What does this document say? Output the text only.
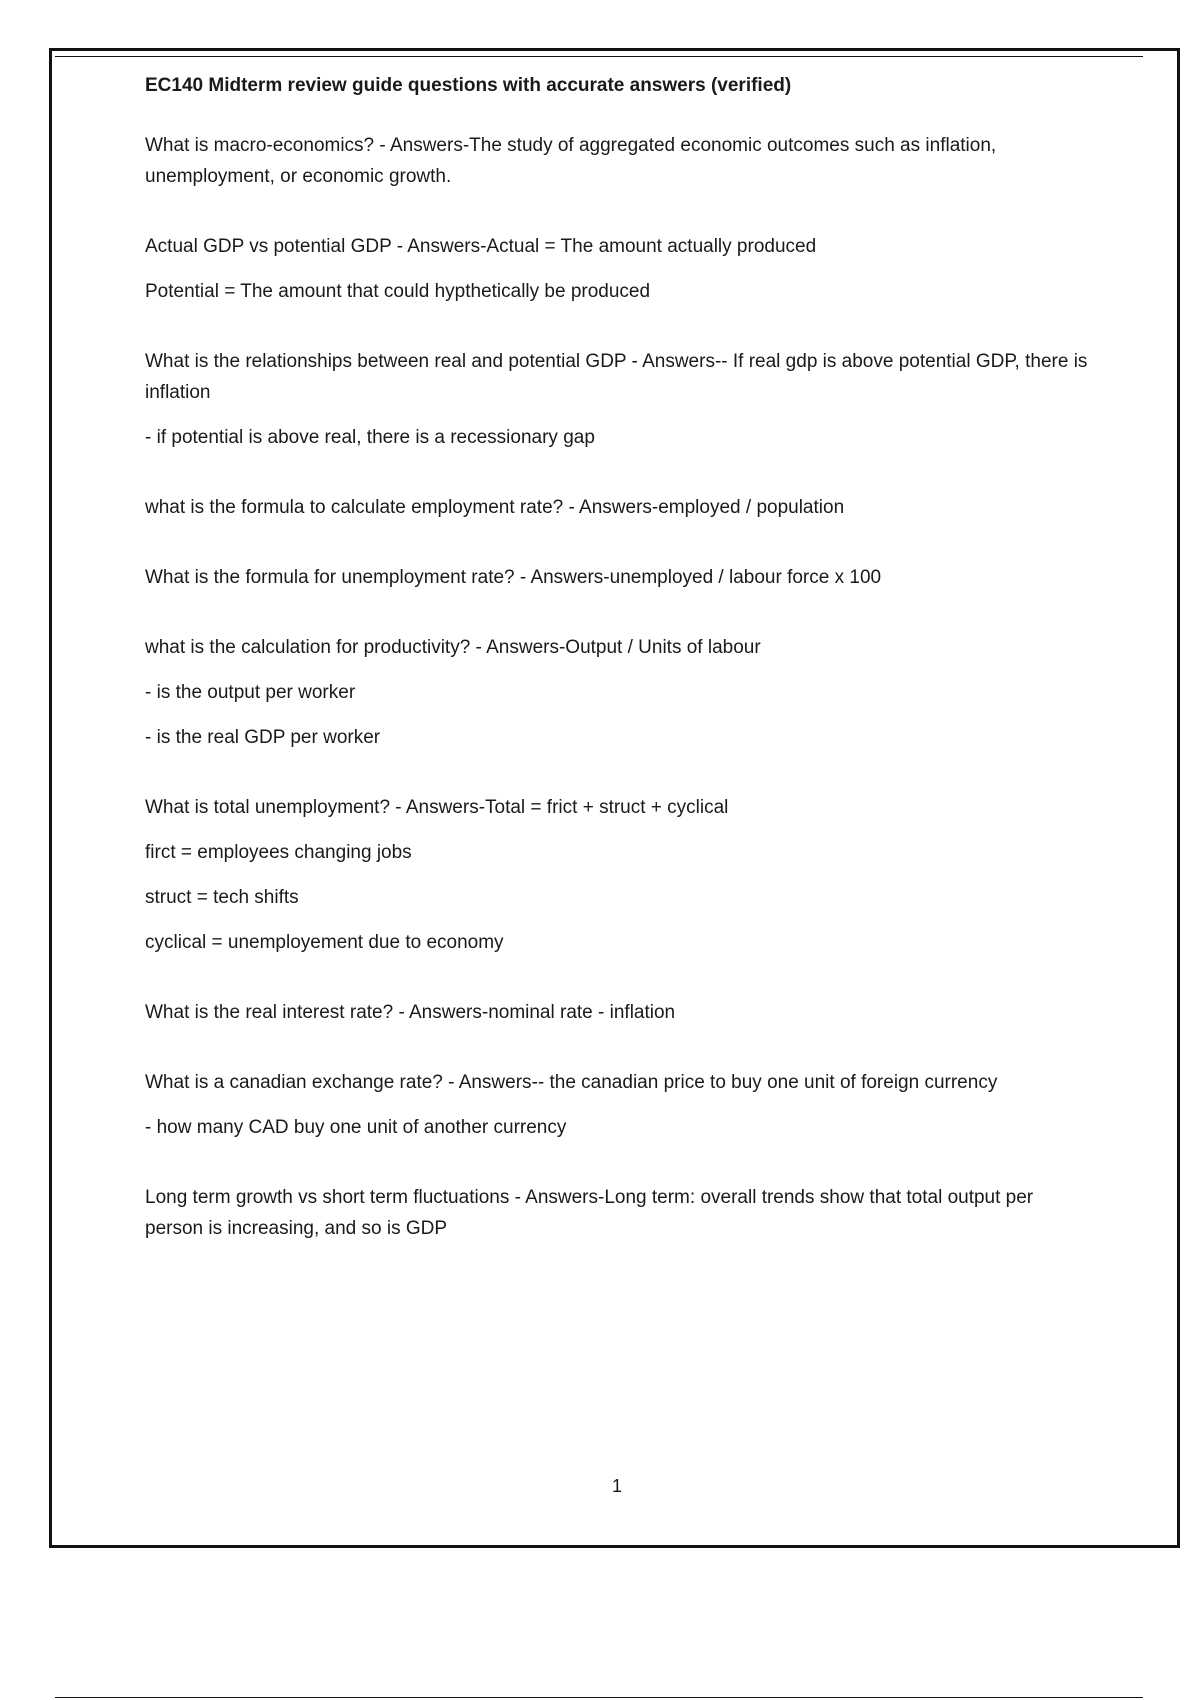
EC140 Midterm review guide questions with accurate answers (verified)
What is macro-economics? - Answers-The study of aggregated economic outcomes such as inflation, unemployment, or economic growth.
Actual GDP vs potential GDP - Answers-Actual = The amount actually produced
Potential = The amount that could hypthetically be produced
What is the relationships between real and potential GDP - Answers-- If real gdp is above potential GDP, there is inflation
- if potential is above real, there is a recessionary gap
what is the formula to calculate employment rate? - Answers-employed / population
What is the formula for unemployment rate? - Answers-unemployed / labour force x 100
what is the calculation for productivity? - Answers-Output / Units of labour
- is the output per worker
- is the real GDP per worker
What is total unemployment? - Answers-Total = frict + struct + cyclical
firct = employees changing jobs
struct = tech shifts
cyclical = unemployement due to economy
What is the real interest rate? - Answers-nominal rate - inflation
What is a canadian exchange rate? - Answers-- the canadian price to buy one unit of foreign currency
- how many CAD buy one unit of another currency
Long term growth vs short term fluctuations - Answers-Long term: overall trends show that total output per person is increasing, and so is GDP
1
